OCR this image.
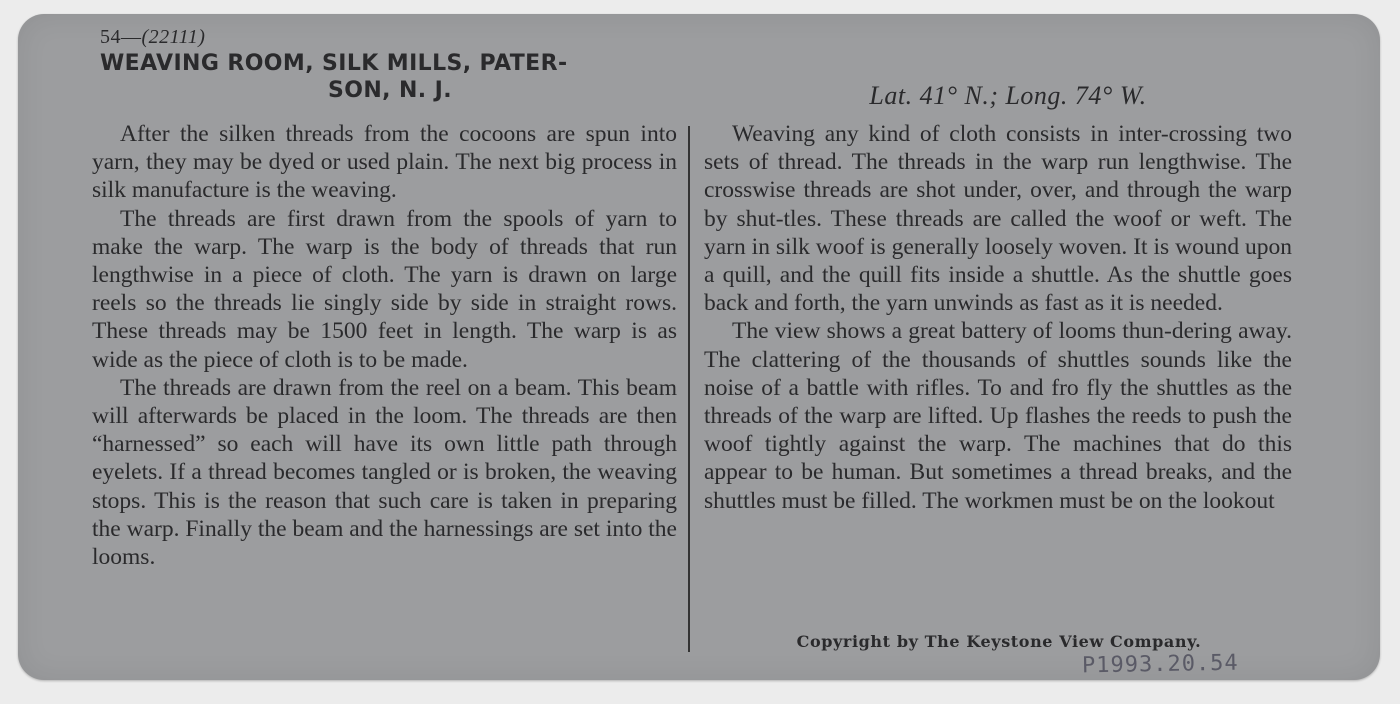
54—(22111)
WEAVING ROOM, SILK MILLS, PATER-
SON, N. J.	Lat. 41° N.; Long. 74° W.

After the silken threads from the cocoons are spun into yarn, they may be dyed or used plain. The next big process in silk manufacture is the weaving.

The threads are first drawn from the spools of yarn to make the warp. The warp is the body of threads that run lengthwise in a piece of cloth. The yarn is drawn on large reels so the threads lie singly side by side in straight rows. These threads may be 1500 feet in length. The warp is as wide as the piece of cloth is to be made.

The threads are drawn from the reel on a beam. This beam will afterwards be placed in the loom. The threads are then “harnessed” so each will have its own little path through eyelets. If a thread becomes tangled or is broken, the weaving stops. This is the reason that such care is taken in preparing the warp. Finally the beam and the harnessings are set into the looms.

Weaving any kind of cloth consists in inter-crossing two sets of thread. The threads in the warp run lengthwise. The crosswise threads are shot under, over, and through the warp by shut-tles. These threads are called the woof or weft. The yarn in silk woof is generally loosely woven. It is wound upon a quill, and the quill fits inside a shuttle. As the shuttle goes back and forth, the yarn unwinds as fast as it is needed.

The view shows a great battery of looms thun-dering away. The clattering of the thousands of shuttles sounds like the noise of a battle with rifles. To and fro fly the shuttles as the threads of the warp are lifted. Up flashes the reeds to push the woof tightly against the warp. The machines that do this appear to be human. But sometimes a thread breaks, and the shuttles must be filled. The workmen must be on the lookout

Copyright by The Keystone View Company.
P1993.20.54
